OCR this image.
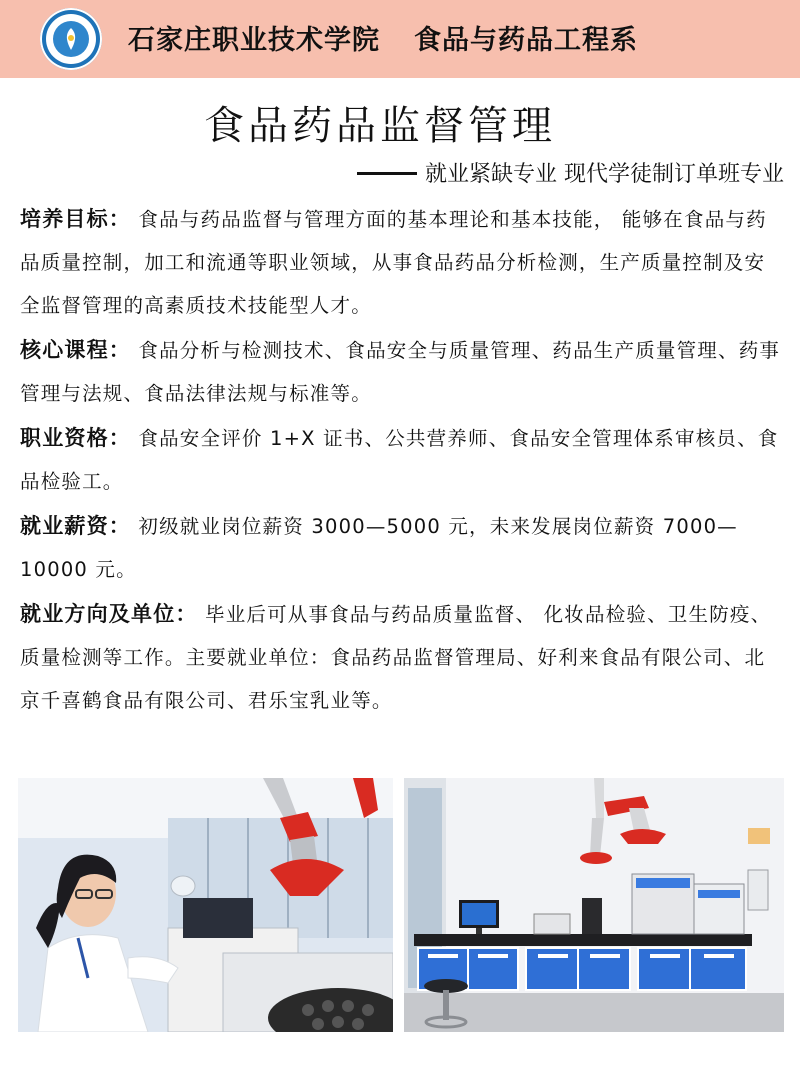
石家庄职业技术学院 食品与药品工程系
食品药品监督管理
就业紧缺专业 现代学徒制订单班专业

培养目标： 食品与药品监督与管理方面的基本理论和基本技能， 能够在食品与药品质量控制，加工和流通等职业领域，从事食品药品分析检测，生产质量控制及安全监督管理的高素质技术技能型人才。

核心课程： 食品分析与检测技术、食品安全与质量管理、药品生产质量管理、药事管理与法规、食品法律法规与标准等。

职业资格： 食品安全评价 1+X 证书、公共营养师、食品安全管理体系审核员、食品检验工。

就业薪资： 初级就业岗位薪资 3000—5000 元，未来发展岗位薪资 7000—10000 元。

就业方向及单位： 毕业后可从事食品与药品质量监督、 化妆品检验、卫生防疫、质量检测等工作。主要就业单位：食品药品监督管理局、好利来食品有限公司、北京千喜鹤食品有限公司、君乐宝乳业等。
